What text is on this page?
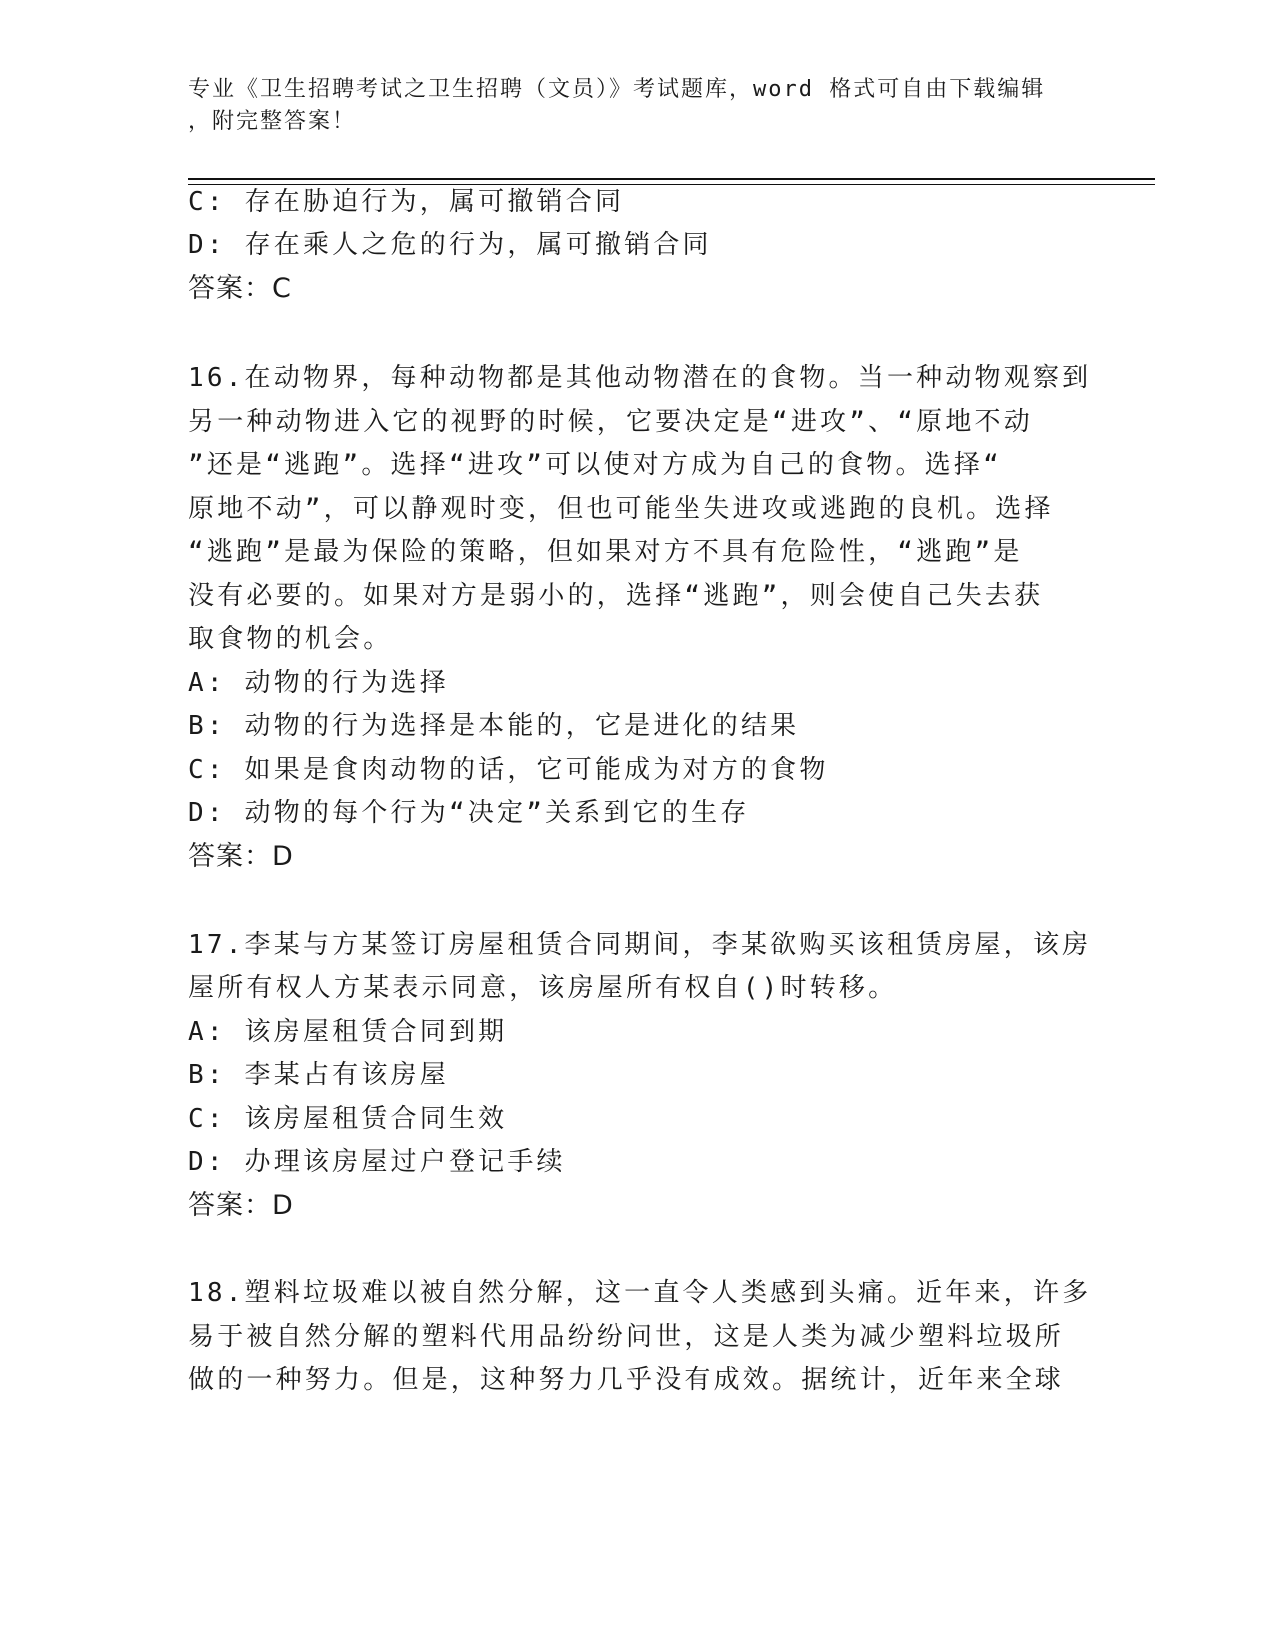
专业《卫生招聘考试之卫生招聘（文员）》考试题库，word 格式可自由下载编辑
，附完整答案！
C: 存在胁迫行为，属可撤销合同
D: 存在乘人之危的行为，属可撤销合同
答案：C
16.在动物界，每种动物都是其他动物潜在的食物。当一种动物观察到
另一种动物进入它的视野的时候，它要决定是“进攻”、“原地不动
”还是“逃跑”。选择“进攻”可以使对方成为自己的食物。选择“
原地不动”，可以静观时变，但也可能坐失进攻或逃跑的良机。选择
“逃跑”是最为保险的策略，但如果对方不具有危险性，“逃跑”是
没有必要的。如果对方是弱小的，选择“逃跑”，则会使自己失去获
取食物的机会。
A: 动物的行为选择
B: 动物的行为选择是本能的，它是进化的结果
C: 如果是食肉动物的话，它可能成为对方的食物
D: 动物的每个行为“决定”关系到它的生存
答案：D
17.李某与方某签订房屋租赁合同期间，李某欲购买该租赁房屋，该房
屋所有权人方某表示同意，该房屋所有权自()时转移。
A: 该房屋租赁合同到期
B: 李某占有该房屋
C: 该房屋租赁合同生效
D: 办理该房屋过户登记手续
答案：D
18.塑料垃圾难以被自然分解，这一直令人类感到头痛。近年来，许多
易于被自然分解的塑料代用品纷纷问世，这是人类为减少塑料垃圾所
做的一种努力。但是，这种努力几乎没有成效。据统计，近年来全球
